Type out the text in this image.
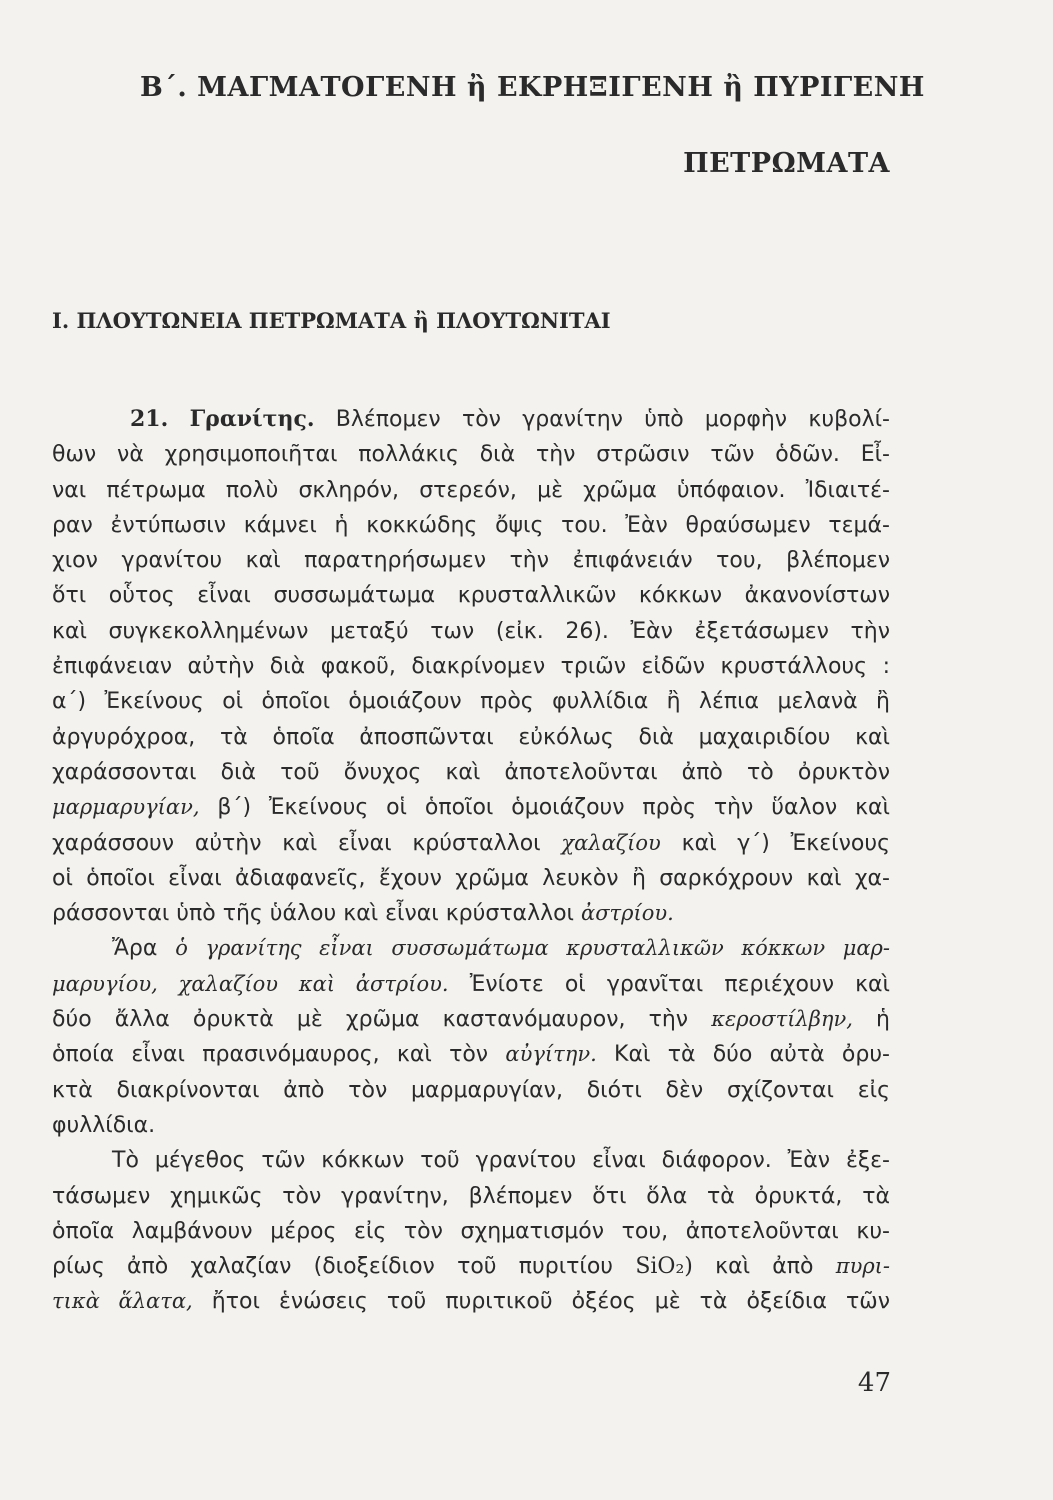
Β΄. ΜΑΓΜΑΤΟΓΕΝΗ ἢ ΕΚΡΗΞΙΓΕΝΗ ἢ ΠΥΡΙΓΕΝΗ
ΠΕΤΡΩΜΑΤΑ
Ι. ΠΛΟΥΤΩΝΕΙΑ ΠΕΤΡΩΜΑΤΑ ἢ ΠΛΟΥΤΩΝΙΤΑΙ
21. Γρανίτης. Βλέπομεν τὸν γρανίτην ὑπὸ μορφὴν κυβολί-
θων νὰ χρησιμοποιῆται πολλάκις διὰ τὴν στρῶσιν τῶν ὁδῶν. Εἶ-
ναι πέτρωμα πολὺ σκληρόν, στερεόν, μὲ χρῶμα ὑπόφαιον. Ἰδιαιτέ-
ραν ἐντύπωσιν κάμνει ἡ κοκκώδης ὄψις του. Ἐὰν θραύσωμεν τεμά-
χιον γρανίτου καὶ παρατηρήσωμεν τὴν ἐπιφάνειάν του, βλέπομεν
ὅτι οὗτος εἶναι συσσωμάτωμα κρυσταλλικῶν κόκκων ἀκανονίστων
καὶ συγκεκολλημένων μεταξύ των (εἰκ. 26). Ἐὰν ἐξετάσωμεν τὴν
ἐπιφάνειαν αὐτὴν διὰ φακοῦ, διακρίνομεν τριῶν εἰδῶν κρυστάλλους :
α΄) Ἐκείνους οἱ ὁποῖοι ὁμοιάζουν πρὸς φυλλίδια ἢ λέπια μελανὰ ἢ
ἀργυρόχροα, τὰ ὁποῖα ἀποσπῶνται εὐκόλως διὰ μαχαιριδίου καὶ
χαράσσονται διὰ τοῦ ὄνυχος καὶ ἀποτελοῦνται ἀπὸ τὸ ὀρυκτὸν
μαρμαρυγίαν, β΄) Ἐκείνους οἱ ὁποῖοι ὁμοιάζουν πρὸς τὴν ὕαλον καὶ
χαράσσουν αὐτὴν καὶ εἶναι κρύσταλλοι χαλαζίου καὶ γ΄) Ἐκείνους
οἱ ὁποῖοι εἶναι ἀδιαφανεῖς, ἔχουν χρῶμα λευκὸν ἢ σαρκόχρουν καὶ χα-
ράσσονται ὑπὸ τῆς ὑάλου καὶ εἶναι κρύσταλλοι ἀστρίου.
Ἄρα ὁ γρανίτης εἶναι συσσωμάτωμα κρυσταλλικῶν κόκκων μαρ-
μαρυγίου, χαλαζίου καὶ ἀστρίου. Ἐνίοτε οἱ γρανῖται περιέχουν καὶ
δύο ἄλλα ὀρυκτὰ μὲ χρῶμα καστανόμαυρον, τὴν κεροστίλβην, ἡ
ὁποία εἶναι πρασινόμαυρος, καὶ τὸν αὐγίτην. Καὶ τὰ δύο αὐτὰ ὀρυ-
κτὰ διακρίνονται ἀπὸ τὸν μαρμαρυγίαν, διότι δὲν σχίζονται εἰς
φυλλίδια.
Τὸ μέγεθος τῶν κόκκων τοῦ γρανίτου εἶναι διάφορον. Ἐὰν ἐξε-
τάσωμεν χημικῶς τὸν γρανίτην, βλέπομεν ὅτι ὅλα τὰ ὀρυκτά, τὰ
ὁποῖα λαμβάνουν μέρος εἰς τὸν σχηματισμόν του, ἀποτελοῦνται κυ-
ρίως ἀπὸ χαλαζίαν (διοξείδιον τοῦ πυριτίου SiO₂) καὶ ἀπὸ πυρι-
τικὰ ἅλατα, ἤτοι ἑνώσεις τοῦ πυριτικοῦ ὀξέος μὲ τὰ ὀξείδια τῶν
47
